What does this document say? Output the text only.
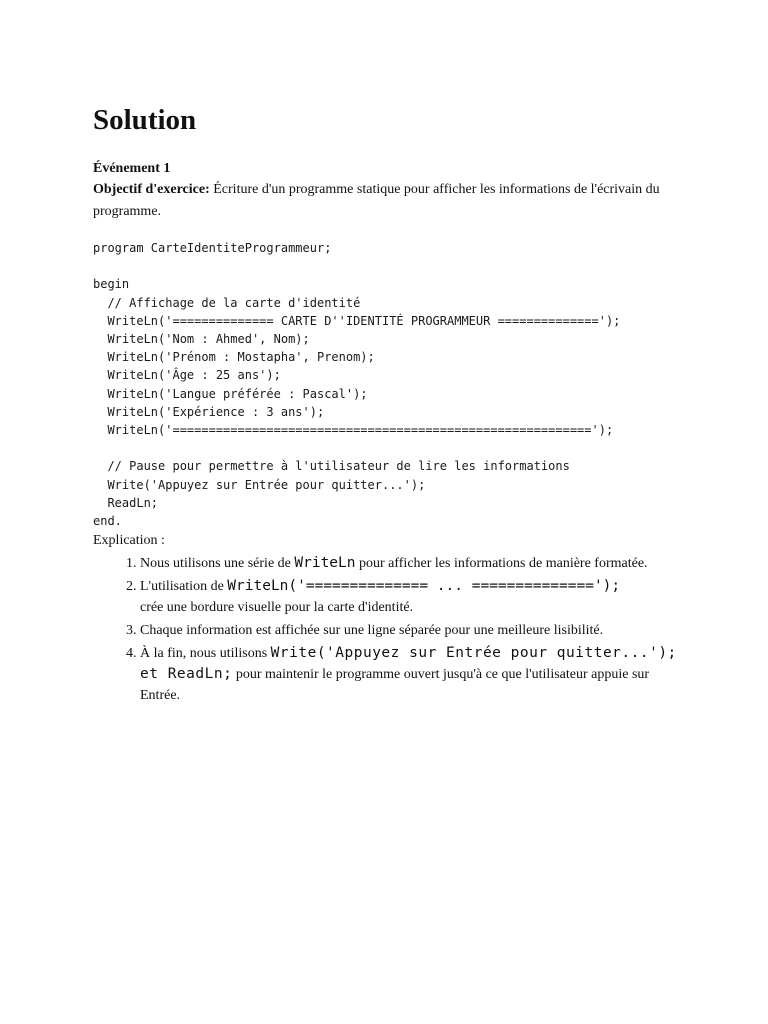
Solution
Événement 1
Objectif d'exercice: Écriture d'un programme statique pour afficher les informations de l'écrivain du programme.
program CarteIdentiteProgrammeur;

begin
// Affichage de la carte d'identité
WriteLn('============== CARTE D''IDENTITÉ PROGRAMMEUR ==============');
WriteLn('Nom : Ahmed', Nom);
WriteLn('Prénom : Mostapha', Prenom);
WriteLn('Âge : 25 ans');
WriteLn('Langue préférée : Pascal');
WriteLn('Expérience : 3 ans');
WriteLn('==========================================================');

// Pause pour permettre à l'utilisateur de lire les informations
Write('Appuyez sur Entrée pour quitter...');
ReadLn;
end.
Explication :
1. Nous utilisons une série de WriteLn pour afficher les informations de manière formatée.
2. L'utilisation de WriteLn('============== ... ==============');
crée une bordure visuelle pour la carte d'identité.
3. Chaque information est affichée sur une ligne séparée pour une meilleure lisibilité.
4. À la fin, nous utilisons Write('Appuyez sur Entrée pour quitter...'); et ReadLn; pour maintenir le programme ouvert jusqu'à ce que l'utilisateur appuie sur Entrée.
